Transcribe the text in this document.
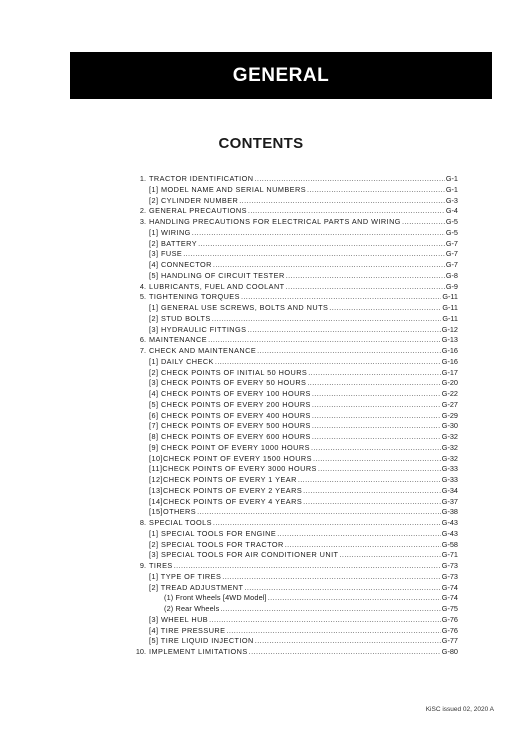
GENERAL
CONTENTS
1. TRACTOR IDENTIFICATION .....	G-1
[1] MODEL NAME AND SERIAL NUMBERS .....	G-1
[2] CYLINDER NUMBER .....	G-3
2. GENERAL PRECAUTIONS .....	G-4
3. HANDLING PRECAUTIONS FOR ELECTRICAL PARTS AND WIRING .....	G-5
[1] WIRING .....	G-5
[2] BATTERY .....	G-7
[3] FUSE .....	G-7
[4] CONNECTOR .....	G-7
[5] HANDLING OF CIRCUIT TESTER .....	G-8
4. LUBRICANTS, FUEL AND COOLANT .....	G-9
5. TIGHTENING TORQUES .....	G-11
[1] GENERAL USE SCREWS, BOLTS AND NUTS .....	G-11
[2] STUD BOLTS .....	G-11
[3] HYDRAULIC FITTINGS .....	G-12
6. MAINTENANCE .....	G-13
7. CHECK AND MAINTENANCE .....	G-16
[1] DAILY CHECK .....	G-16
[2] CHECK POINTS OF INITIAL 50 HOURS .....	G-17
[3] CHECK POINTS OF EVERY 50 HOURS .....	G-20
[4] CHECK POINTS OF EVERY 100 HOURS .....	G-22
[5] CHECK POINTS OF EVERY 200 HOURS .....	G-27
[6] CHECK POINTS OF EVERY 400 HOURS .....	G-29
[7] CHECK POINTS OF EVERY 500 HOURS .....	G-30
[8] CHECK POINTS OF EVERY 600 HOURS .....	G-32
[9] CHECK POINT OF EVERY 1000 HOURS .....	G-32
[10]CHECK POINT OF EVERY 1500 HOURS .....	G-32
[11]CHECK POINTS OF EVERY 3000 HOURS .....	G-33
[12]CHECK POINTS OF EVERY 1 YEAR .....	G-33
[13]CHECK POINTS OF EVERY 2 YEARS .....	G-34
[14]CHECK POINTS OF EVERY 4 YEARS .....	G-37
[15]OTHERS .....	G-38
8. SPECIAL TOOLS .....	G-43
[1] SPECIAL TOOLS FOR ENGINE .....	G-43
[2] SPECIAL TOOLS FOR TRACTOR .....	G-58
[3] SPECIAL TOOLS FOR AIR CONDITIONER UNIT .....	G-71
9. TIRES .....	G-73
[1] TYPE OF TIRES .....	G-73
[2] TREAD ADJUSTMENT .....	G-74
(1) Front Wheels [4WD Model] .....	G-74
(2) Rear Wheels .....	G-75
[3] WHEEL HUB .....	G-76
[4] TIRE PRESSURE .....	G-76
[5] TIRE LIQUID INJECTION .....	G-77
10. IMPLEMENT LIMITATIONS .....	G-80
KiSC issued 02, 2020 A
